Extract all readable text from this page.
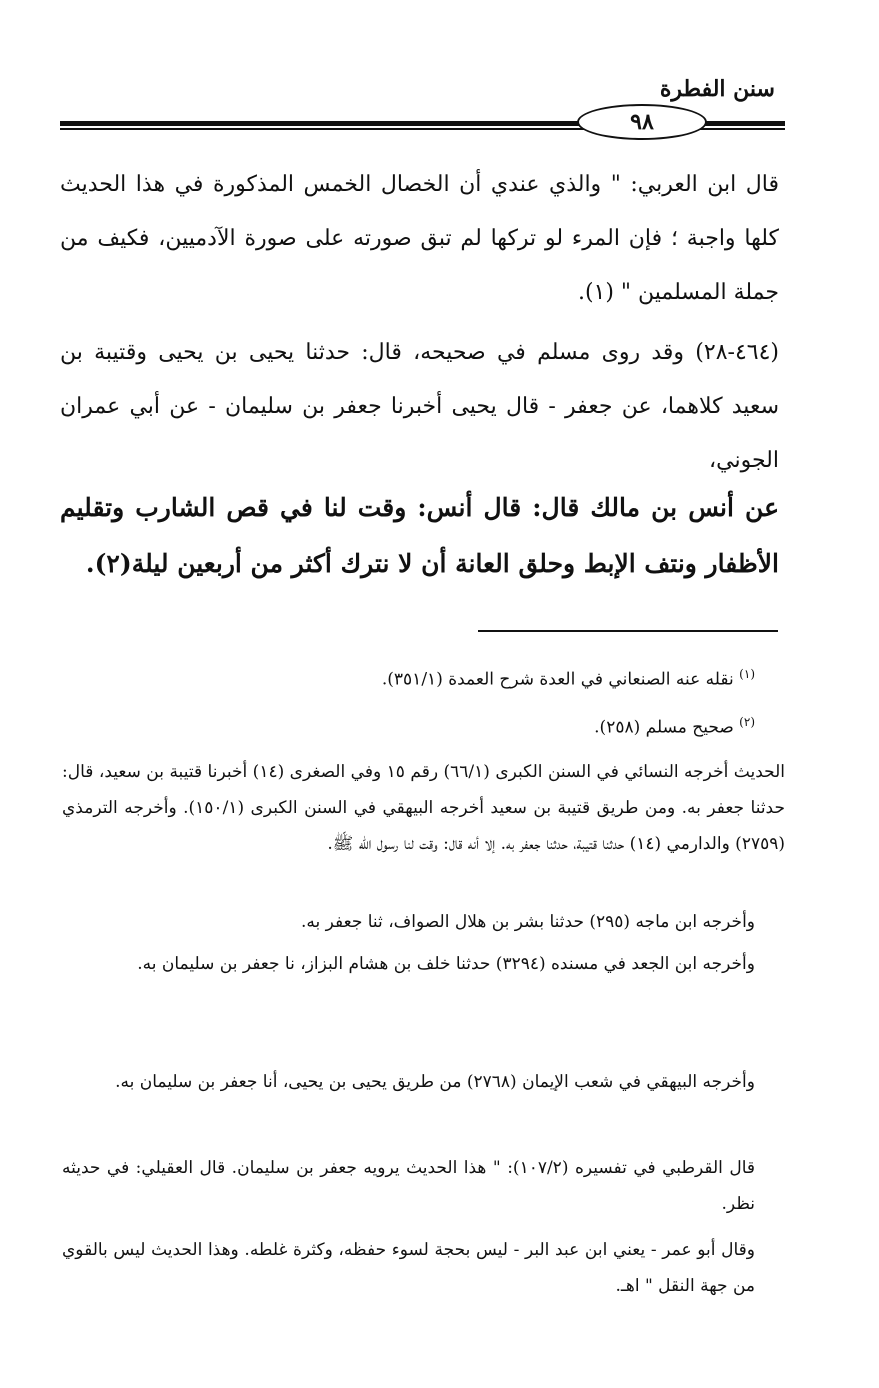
سنن الفطرة
٩٨
قال ابن العربي: " والذي عندي أن الخصال الخمس المذكورة في هذا الحديث كلها واجبة ؛ فإن المرء لو تركها لم تبق صورته على صورة الآدميين، فكيف من جملة المسلمين " (١).
(٤٦٤-٢٨) وقد روى مسلم في صحيحه، قال: حدثنا يحيى بن يحيى وقتيبة بن سعيد كلاهما، عن جعفر - قال يحيى أخبرنا جعفر بن سليمان - عن أبي عمران الجوني،
عن أنس بن مالك قال: قال أنس: وقت لنا في قص الشارب وتقليم الأظفار ونتف الإبط وحلق العانة أن لا نترك أكثر من أربعين ليلة(٢).
$^{(١)}$ نقله عنه الصنعاني في العدة شرح العمدة (٣٥١/١).
$^{(٢)}$ صحيح مسلم (٢٥٨).
الحديث أخرجه النسائي في السنن الكبرى (٦٦/١) رقم ١٥ وفي الصغرى (١٤) أخبرنا قتيبة بن سعيد، قال: حدثنا جعفر به. ومن طريق قتيبة بن سعيد أخرجه البيهقي في السنن الكبرى (١٥٠/١). وأخرجه الترمذي (٢٧٥٩) والدارمي (١٤) حدثنا قتيبة، حدثنا جعفر به. إلا أنه قال: وقت لنا رسول الله ﷺ.
وأخرجه ابن ماجه (٢٩٥) حدثنا بشر بن هلال الصواف، ثنا جعفر به.
وأخرجه ابن الجعد في مسنده (٣٢٩٤) حدثنا خلف بن هشام البزاز، نا جعفر بن سليمان به.
وأخرجه البيهقي في شعب الإيمان (٢٧٦٨) من طريق يحيى بن يحيى، أنا جعفر بن سليمان به.
قال القرطبي في تفسيره (١٠٧/٢): " هذا الحديث يرويه جعفر بن سليمان. قال العقيلي: في حديثه نظر.
وقال أبو عمر - يعني ابن عبد البر - ليس بحجة لسوء حفظه، وكثرة غلطه. وهذا الحديث ليس بالقوي من جهة النقل " اهـ.
